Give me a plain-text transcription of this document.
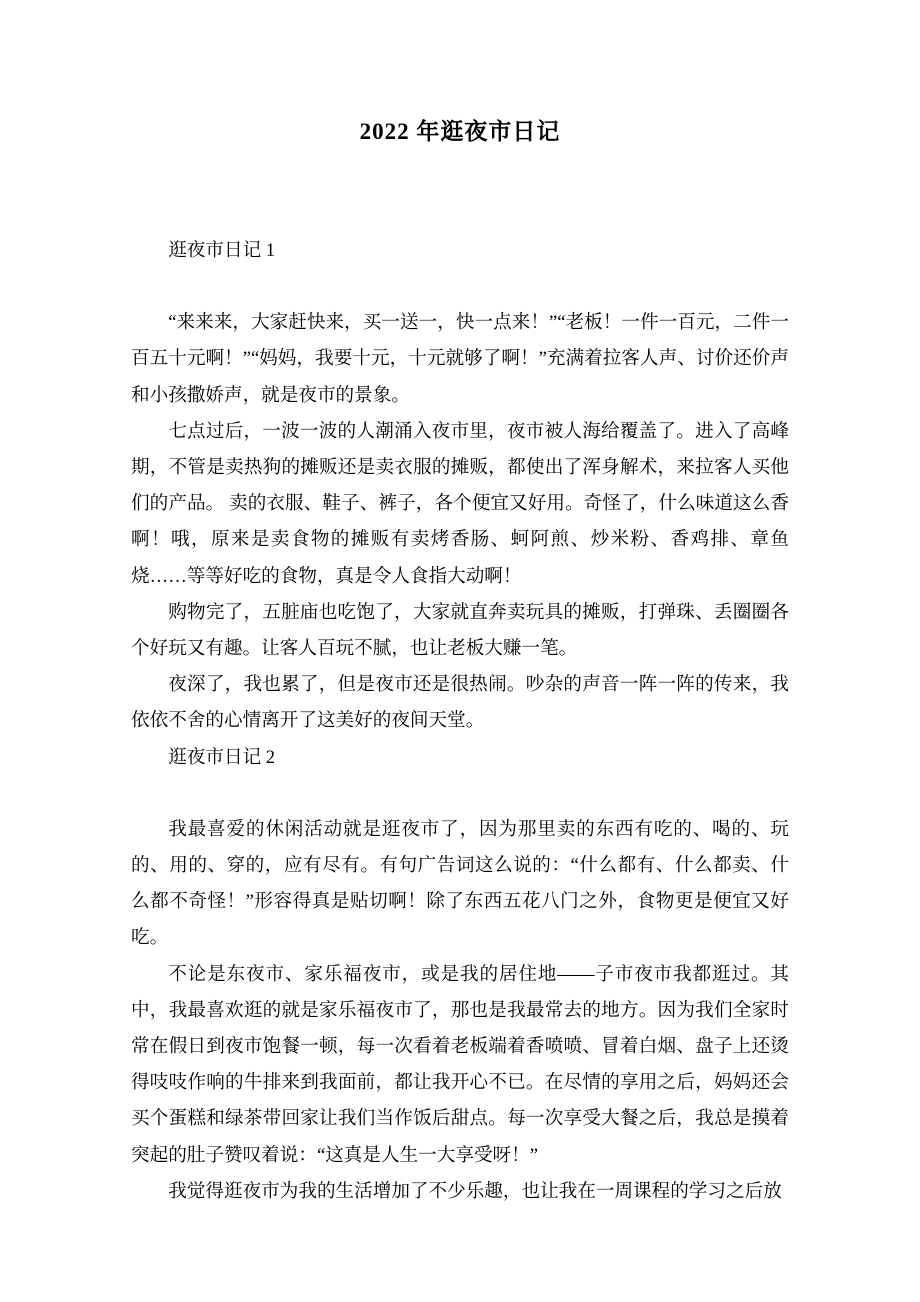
2022 年逛夜市日记

逛夜市日记 1

“来来来，大家赶快来，买一送一，快一点来！”“老板！一件一百元，二件一百五十元啊！”“妈妈，我要十元，十元就够了啊！”充满着拉客人声、讨价还价声和小孩撒娇声，就是夜市的景象。

七点过后，一波一波的人潮涌入夜市里，夜市被人海给覆盖了。进入了高峰期，不管是卖热狗的摊贩还是卖衣服的摊贩，都使出了浑身解术，来拉客人买他们的产品。 卖的衣服、鞋子、裤子，各个便宜又好用。奇怪了，什么味道这么香啊！哦，原来是卖食物的摊贩有卖烤香肠、蚵阿煎、炒米粉、香鸡排、章鱼烧……等等好吃的食物，真是令人食指大动啊！

购物完了，五脏庙也吃饱了，大家就直奔卖玩具的摊贩，打弹珠、丢圈圈各个好玩又有趣。让客人百玩不腻，也让老板大赚一笔。

夜深了，我也累了，但是夜市还是很热闹。吵杂的声音一阵一阵的传来，我依依不舍的心情离开了这美好的夜间天堂。

逛夜市日记 2

我最喜爱的休闲活动就是逛夜市了，因为那里卖的东西有吃的、喝的、玩的、用的、穿的，应有尽有。有句广告词这么说的：“什么都有、什么都卖、什么都不奇怪！”形容得真是贴切啊！除了东西五花八门之外，食物更是便宜又好吃。

不论是东夜市、家乐福夜市，或是我的居住地——子市夜市我都逛过。其中，我最喜欢逛的就是家乐福夜市了，那也是我最常去的地方。因为我们全家时常在假日到夜市饱餐一顿，每一次看着老板端着香喷喷、冒着白烟、盘子上还烫得吱吱作响的牛排来到我面前，都让我开心不已。在尽情的享用之后，妈妈还会买个蛋糕和绿茶带回家让我们当作饭后甜点。每一次享受大餐之后，我总是摸着突起的肚子赞叹着说：“这真是人生一大享受呀！”

我觉得逛夜市为我的生活增加了不少乐趣，也让我在一周课程的学习之后放
